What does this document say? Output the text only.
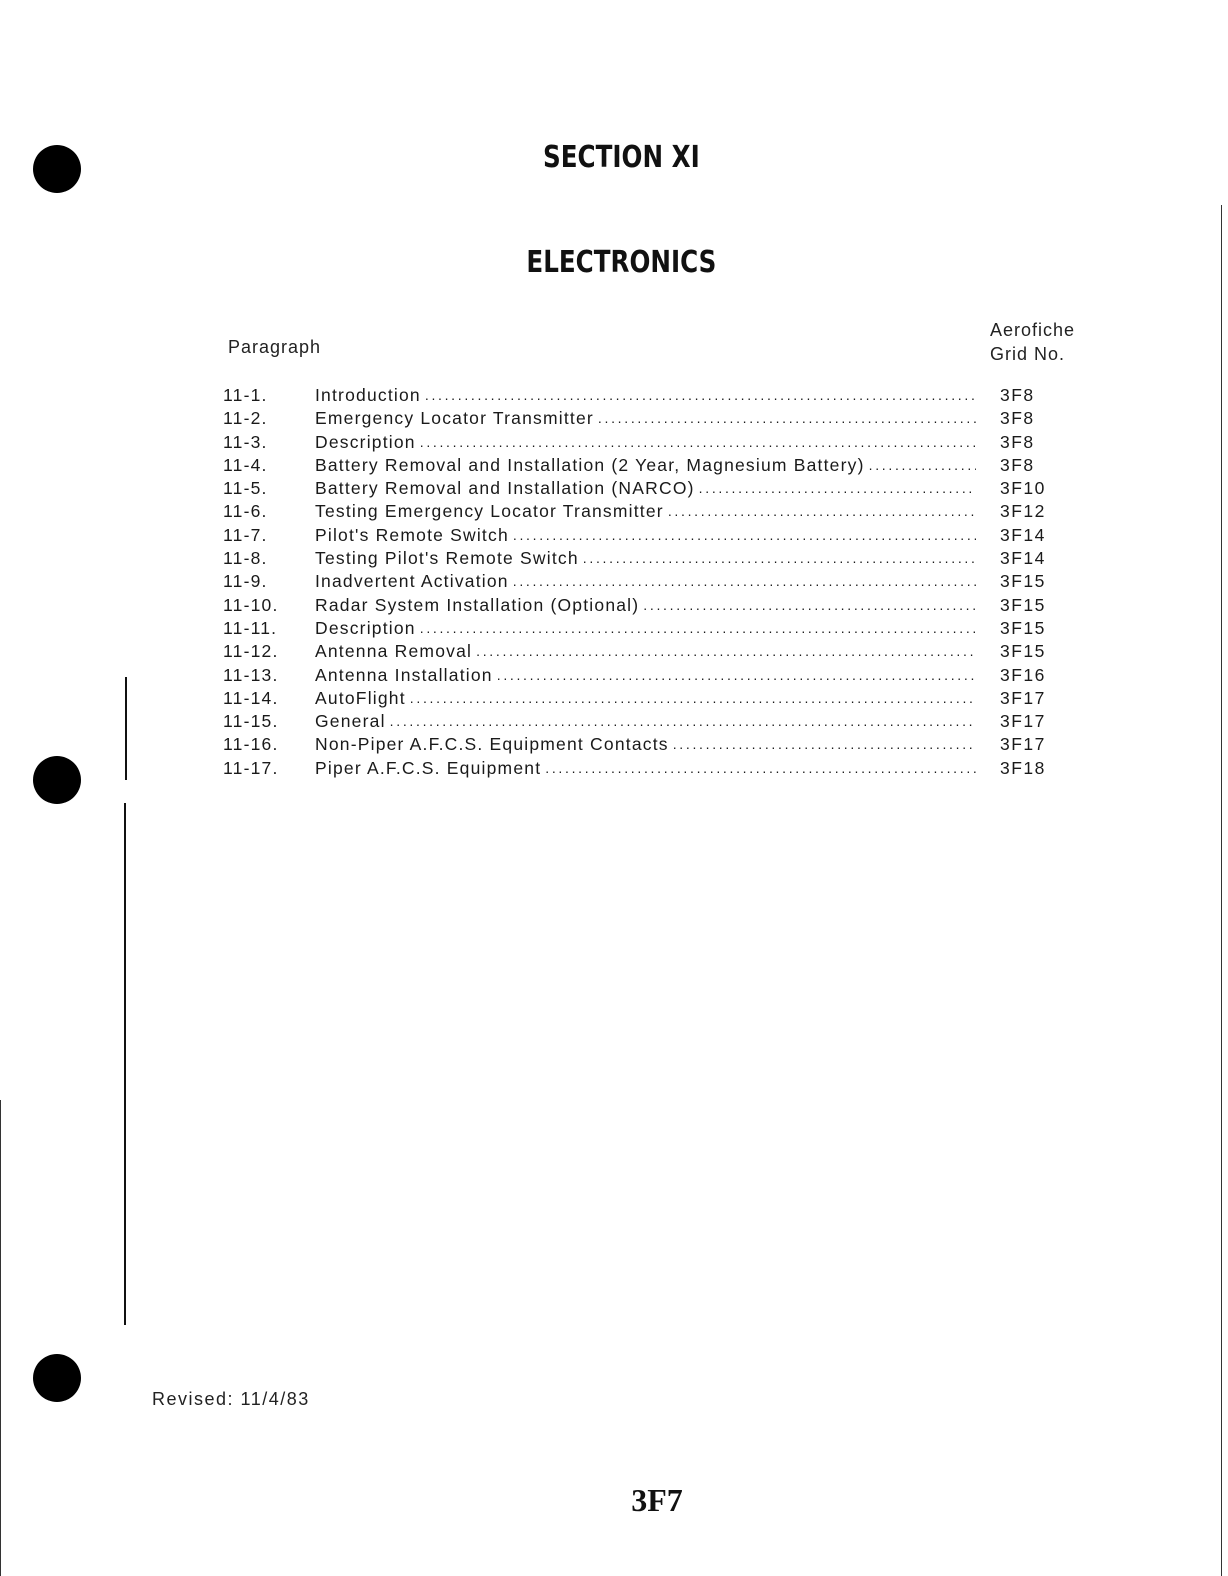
SECTION XI
ELECTRONICS
Paragraph
Aerofiche
Grid No.
11-1.	Introduction . . .	3F8
11-2.	Emergency Locator Transmitter . . .	3F8
11-3.	Description . . .	3F8
11-4.	Battery Removal and Installation (2 Year, Magnesium Battery) . . .	3F8
11-5.	Battery Removal and Installation (NARCO) . . .	3F10
11-6.	Testing Emergency Locator Transmitter . . .	3F12
11-7.	Pilot's Remote Switch . . .	3F14
11-8.	Testing Pilot's Remote Switch . . .	3F14
11-9.	Inadvertent Activation . . .	3F15
11-10.	Radar System Installation (Optional) . . .	3F15
11-11.	Description . . .	3F15
11-12.	Antenna Removal . . .	3F15
11-13.	Antenna Installation . . .	3F16
11-14.	AutoFlight . . .	3F17
11-15.	General . . .	3F17
11-16.	Non-Piper A.F.C.S. Equipment Contacts . . .	3F17
11-17.	Piper A.F.C.S. Equipment . . .	3F18
Revised: 11/4/83
3F7
